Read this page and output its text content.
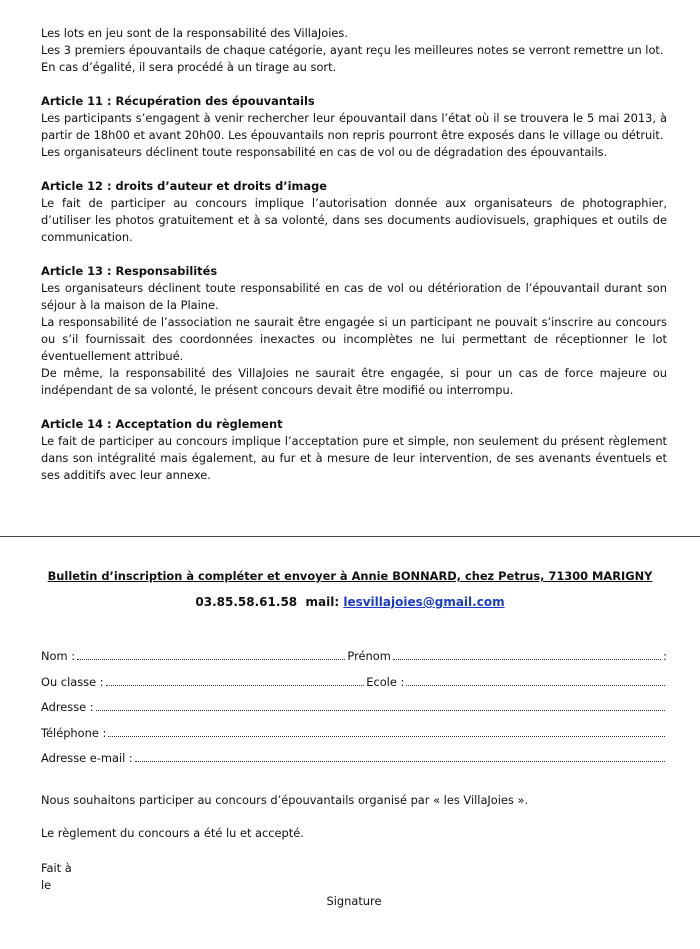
Les lots en jeu sont de la responsabilité des VillaJoies.

Les 3 premiers épouvantails de chaque catégorie, ayant reçu les meilleures notes se verront remettre un lot.

En cas d’égalité, il sera procédé à un tirage au sort.

Article 11 : Récupération des épouvantails

Les participants s’engagent à venir rechercher leur épouvantail dans l’état où il se trouvera le 5 mai 2013, à partir de 18h00 et avant 20h00. Les épouvantails non repris pourront être exposés dans le village ou détruit.

Les organisateurs déclinent toute responsabilité en cas de vol ou de dégradation des épouvantails.

Article 12 : droits d’auteur et droits d’image

Le fait de participer au concours implique l’autorisation donnée aux organisateurs de photographier, d’utiliser les photos gratuitement et à sa volonté, dans ses documents audiovisuels, graphiques et outils de communication.

Article 13 : Responsabilités

Les organisateurs déclinent toute responsabilité en cas de vol ou détérioration de l’épouvantail durant son séjour à la maison de la Plaine.

La responsabilité de l’association ne saurait être engagée si un participant ne pouvait s’inscrire au concours ou s’il fournissait des coordonnées inexactes ou incomplètes ne lui permettant de réceptionner le lot éventuellement attribué.

De même, la responsabilité des VillaJoies ne saurait être engagée, si pour un cas de force majeure ou indépendant de sa volonté, le présent concours devait être modifié ou interrompu.

Article 14 : Acceptation du règlement

Le fait de participer au concours implique l’acceptation pure et simple, non seulement du présent règlement dans son intégralité mais également, au fur et à mesure de leur intervention, de ses avenants éventuels et ses additifs avec leur annexe.

Bulletin d’inscription à compléter et envoyer à Annie BONNARD, chez Petrus, 71300 MARIGNY
03.85.58.61.58 mail: lesvillajoies@gmail.com
Nom :	Prénom	:
Ou classe :	Ecole :
Adresse :
Téléphone :
Adresse e-mail :
Nous souhaitons participer au concours d’épouvantails organisé par « les VillaJoies ».
Le règlement du concours a été lu et accepté.
Fait à
le
Signature
